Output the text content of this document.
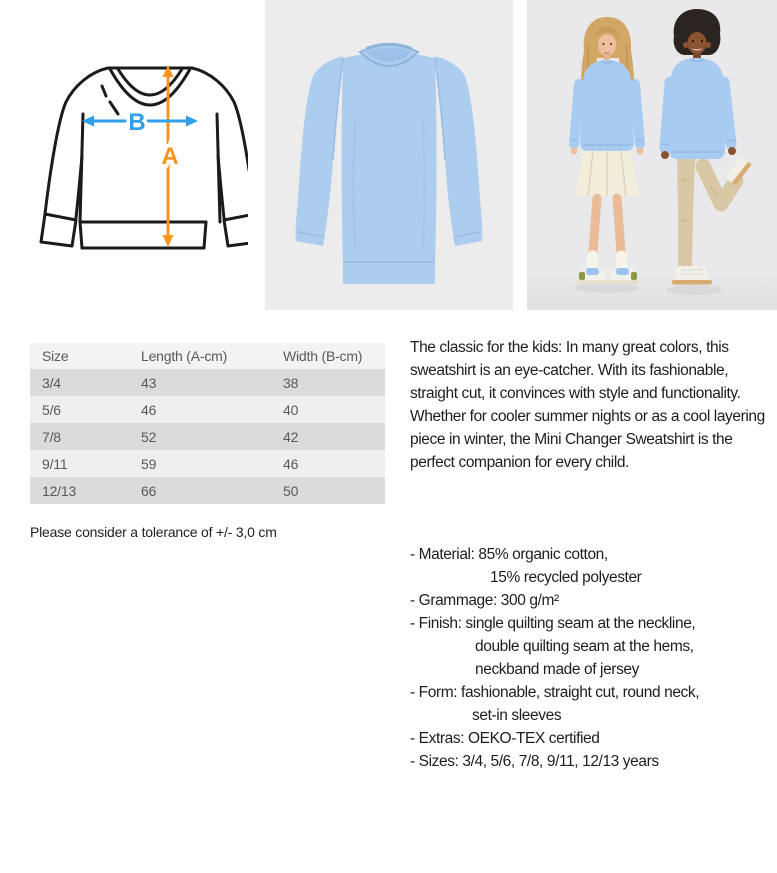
A
B
Size	Length (A-cm)	Width (B-cm)
3/4	43	38
5/6	46	40
7/8	52	42
9/11	59	46
12/13	66	50
Please consider a tolerance of +/- 3,0 cm

The classic for the kids: In many great colors, this sweatshirt is an eye-catcher. With its fashionable, straight cut, it convinces with style and functionality. Whether for cooler summer nights or as a cool layering piece in winter, the Mini Changer Sweatshirt is the perfect companion for every child.

- Material: 85% organic cotton,
15% recycled polyester
- Grammage: 300 g/m²
- Finish: single quilting seam at the neckline,
double quilting seam at the hems,
neckband made of jersey
- Form: fashionable, straight cut, round neck,
set-in sleeves
- Extras: OEKO-TEX certified
- Sizes: 3/4, 5/6, 7/8, 9/11, 12/13 years
